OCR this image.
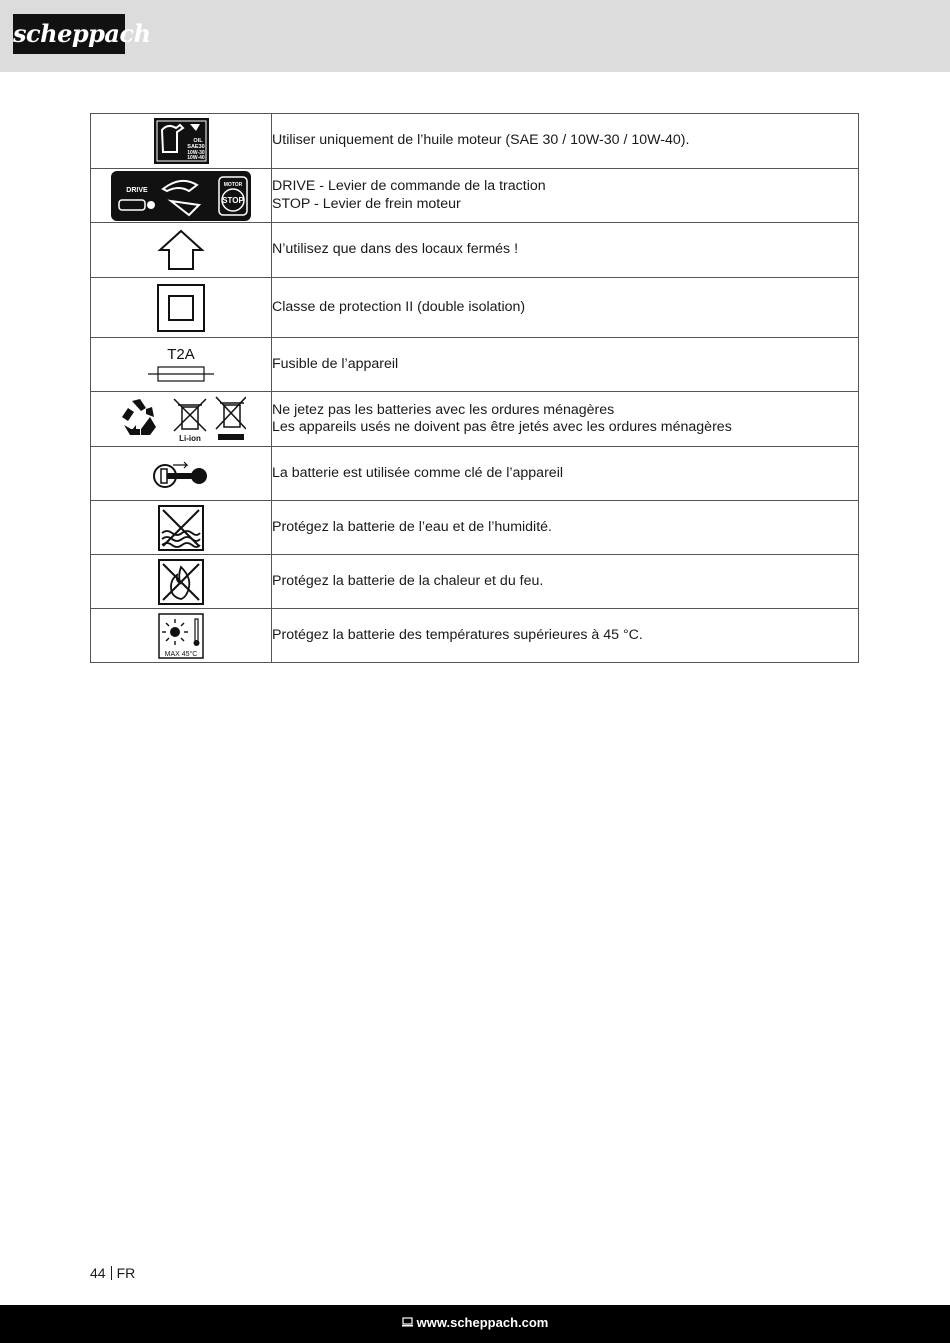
scheppach
OIL
SAE30
10W-30
10W-40	Utiliser uniquement de l’huile moteur (SAE 30 / 10W-30 / 10W-40).

DRIVE
MOTOR
STOP	DRIVE - Levier de commande de la traction
STOP - Levier de frein moteur

N’utilisez que dans des locaux fermés !

Classe de protection II (double isolation)

T2A	Fusible de l’appareil

Li-ion	Ne jetez pas les batteries avec les ordures ménagères
Les appareils usés ne doivent pas être jetés avec les ordures ménagères

La batterie est utilisée comme clé de l’appareil

Protégez la batterie de l’eau et de l’humidité.

Protégez la batterie de la chaleur et du feu.

MAX 45°C	Protégez la batterie des températures supérieures à 45 °C.
44 FR
www.scheppach.com
